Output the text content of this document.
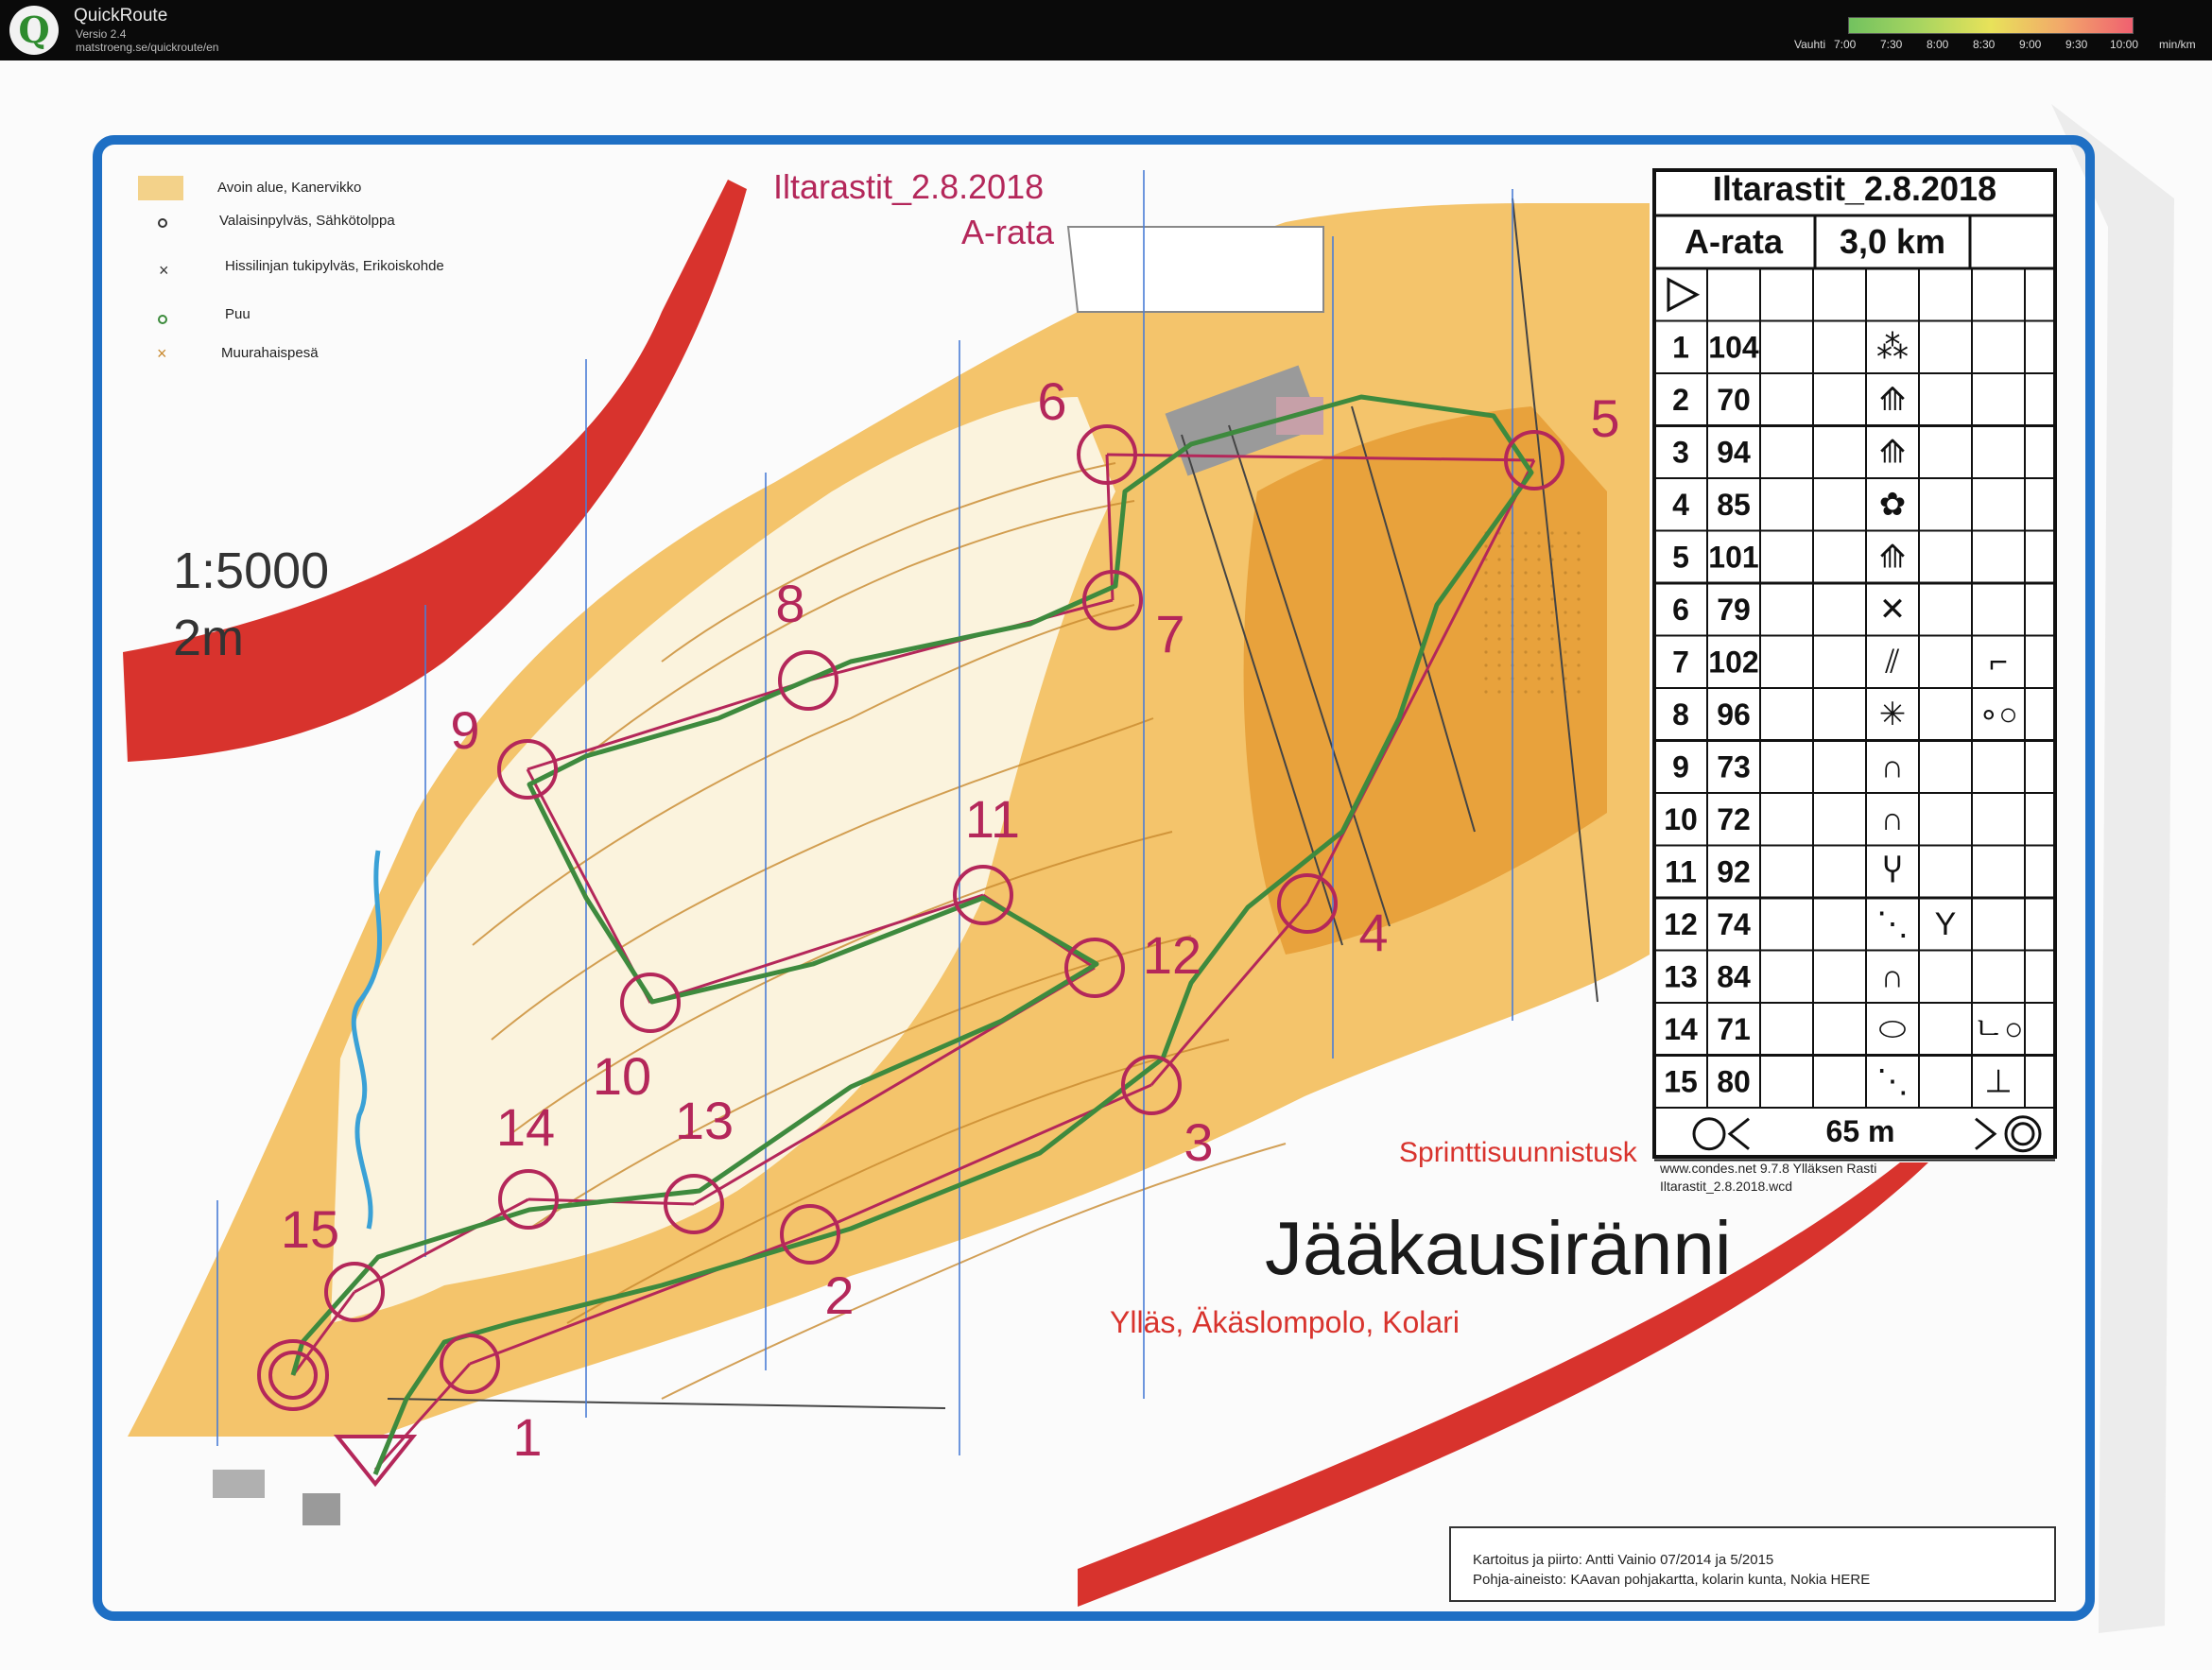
Q	QuickRoute
Versio 2.4
matstroeng.se/quickroute/en	Vauhti 7:00 7:30 8:00 8:30 9:00 9:30 10:00 min/km
×
×
Avoin alue, Kanervikko
Valaisinpylväs, Sähkötolppa
Hissilinjan tukipylväs, Erikoiskohde
Puu
Muurahaispesä
Iltarastit_2.8.2018
A-rata
1:5000
2m
Jääkausiränni
Sprinttisuunnistusk
Ylläs, Äkäslompolo, Kolari
Kartoitus ja piirto: Antti Vainio 07/2014 ja 5/2015
Pohja-aineisto: KAavan pohjakartta, kolarin kunta, Nokia HERE
www.condes.net 9.7.8 Ylläksen Rasti
Iltarastit_2.8.2018.wcd
1
2
3
4
5
6
7
8
9
10
11
12
13
14
15
Iltarastit_2.8.2018
A-rata 3,0 km
1 104	⁂
2 70	⟰
3 94	⟰
4 85	✿
5 101	⟰
6 79	✕
7 102	⫽	⌐
8 96	✳ ∘○
9 73	∩
10 72	∩
11 92	Ⴤ
12 74	⋱ Y
13 84	∩
14 71	⬭ ㄴ○
15 80	⋱ ⊥
65 m
